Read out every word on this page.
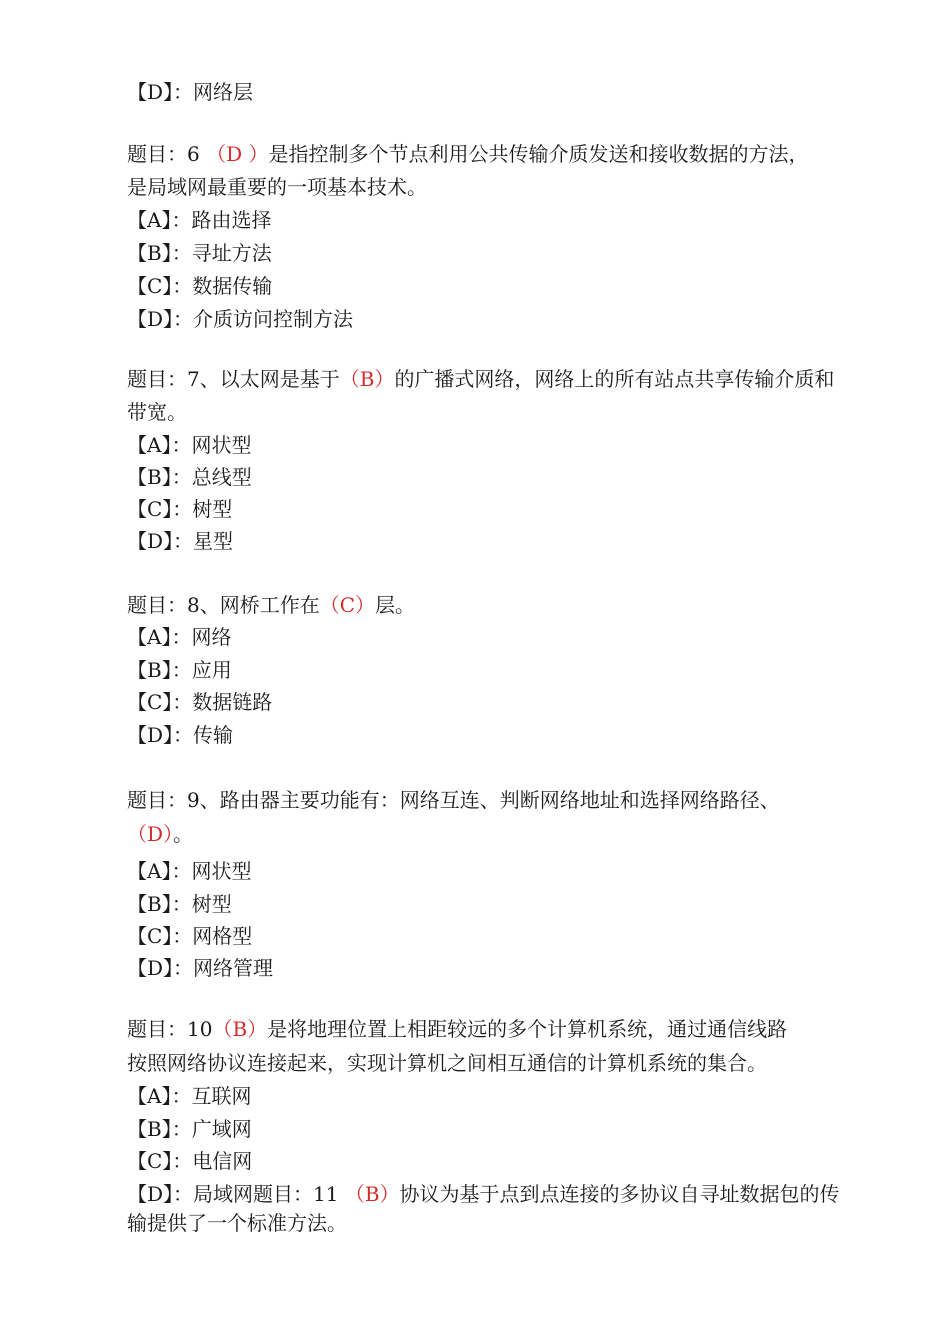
【D】：网络层
题目：6 （D ）是指控制多个节点利用公共传输介质发送和接收数据的方法，
是局域网最重要的一项基本技术。
【A】：路由选择
【B】：寻址方法
【C】：数据传输
【D】：介质访问控制方法
题目：7、以太网是基于（B）的广播式网络，网络上的所有站点共享传输介质和
带宽。
【A】：网状型
【B】：总线型
【C】：树型
【D】：星型
题目：8、网桥工作在（C）层。
【A】：网络
【B】：应用
【C】：数据链路
【D】：传输
题目：9、路由器主要功能有：网络互连、判断网络地址和选择网络路径、
（D）。
【A】：网状型
【B】：树型
【C】：网格型
【D】：网络管理
题目：10（B）是将地理位置上相距较远的多个计算机系统，通过通信线路
按照网络协议连接起来，实现计算机之间相互通信的计算机系统的集合。
【A】：互联网
【B】：广域网
【C】：电信网
【D】：局域网题目：11 （B）协议为基于点到点连接的多协议自寻址数据包的传
输提供了一个标准方法。
